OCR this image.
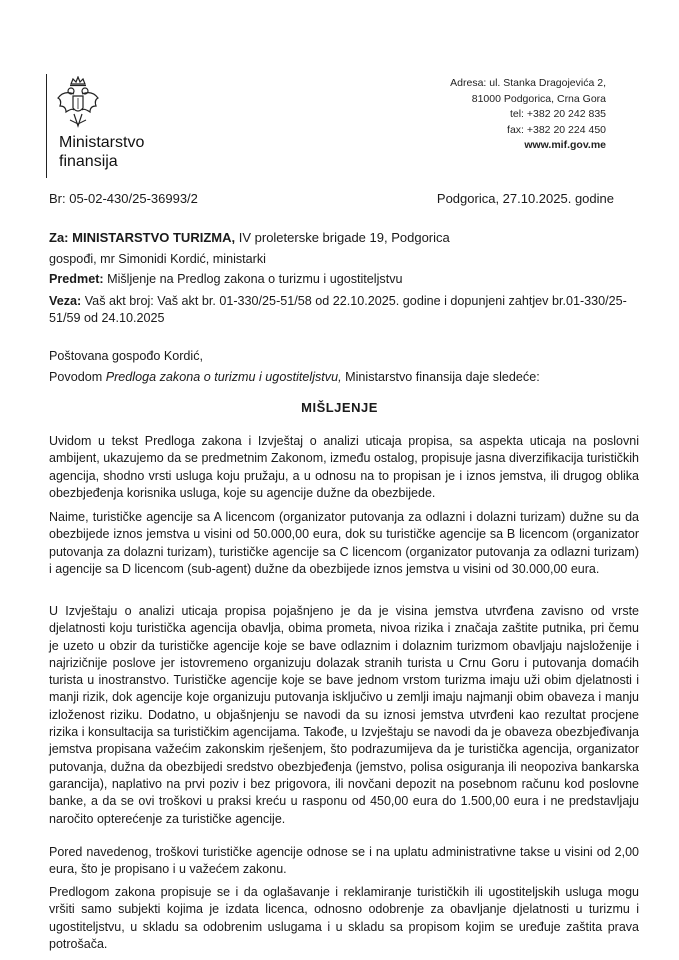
Ministarstvo
finansija
Adresa: ul. Stanka Dragojevića 2,
81000 Podgorica, Crna Gora
tel: +382 20 242 835
fax: +382 20 224 450
www.mif.gov.me
Br: 05-02-430/25-36993/2	Podgorica, 27.10.2025. godine
Za: MINISTARSTVO TURIZMA, IV proleterske brigade 19, Podgorica
gospođi, mr Simonidi Kordić, ministarki
Predmet: Mišljenje na Predlog zakona o turizmu i ugostiteljstvu
Veza: Vaš akt broj: Vaš akt br. 01-330/25-51/58 od 22.10.2025. godine i dopunjeni zahtjev br.01-330/25-
51/59 od 24.10.2025
Poštovana gospođo Kordić,
Povodom Predloga zakona o turizmu i ugostiteljstvu, Ministarstvo finansija daje sledeće:
MIŠLJENJE
Uvidom u tekst Predloga zakona i Izvještaj o analizi uticaja propisa, sa aspekta uticaja na poslovni ambijent, ukazujemo da se predmetnim Zakonom, između ostalog, propisuje jasna diverzifikacija turističkih agencija, shodno vrsti usluga koju pružaju, a u odnosu na to propisan je i iznos jemstva, ili drugog oblika obezbjeđenja korisnika usluga, koje su agencije dužne da obezbijede.
Naime, turističke agencije sa A licencom (organizator putovanja za odlazni i dolazni turizam) dužne su da obezbijede iznos jemstva u visini od 50.000,00 eura, dok su turističke agencije sa B licencom (organizator putovanja za dolazni turizam), turističke agencije sa C licencom (organizator putovanja za odlazni turizam) i agencije sa D licencom (sub-agent) dužne da obezbijede iznos jemstva u visini od 30.000,00 eura.
U Izvještaju o analizi uticaja propisa pojašnjeno je da je visina jemstva utvrđena zavisno od vrste djelatnosti koju turistička agencija obavlja, obima prometa, nivoa rizika i značaja zaštite putnika, pri čemu je uzeto u obzir da turističke agencije koje se bave odlaznim i dolaznim turizmom obavljaju najsloženije i najrizičnije poslove jer istovremeno organizuju dolazak stranih turista u Crnu Goru i putovanja domaćih turista u inostranstvo. Turističke agencije koje se bave jednom vrstom turizma imaju uži obim djelatnosti i manji rizik, dok agencije koje organizuju putovanja isključivo u zemlji imaju najmanji obim obaveza i manju izloženost riziku. Dodatno, u objašnjenju se navodi da su iznosi jemstva utvrđeni kao rezultat procjene rizika i konsultacija sa turističkim agencijama. Takođe, u Izvještaju se navodi da je obaveza obezbjeđivanja jemstva propisana važećim zakonskim rješenjem, što podrazumijeva da je turistička agencija, organizator putovanja, dužna da obezbijedi sredstvo obezbjeđenja (jemstvo, polisa osiguranja ili neopoziva bankarska garancija), naplativo na prvi poziv i bez prigovora, ili novčani depozit na posebnom računu kod poslovne banke, a da se ovi troškovi u praksi kreću u rasponu od 450,00 eura do 1.500,00 eura i ne predstavljaju naročito opterećenje za turističke agencije.
Pored navedenog, troškovi turističke agencije odnose se i na uplatu administrativne takse u visini od 2,00 eura, što je propisano i u važećem zakonu.
Predlogom zakona propisuje se i da oglašavanje i reklamiranje turističkih ili ugostiteljskih usluga mogu vršiti samo subjekti kojima je izdata licenca, odnosno odobrenje za obavljanje djelatnosti u turizmu i ugostiteljstvu, u skladu sa odobrenim uslugama i u skladu sa propisom kojim se uređuje zaštita prava potrošača.
